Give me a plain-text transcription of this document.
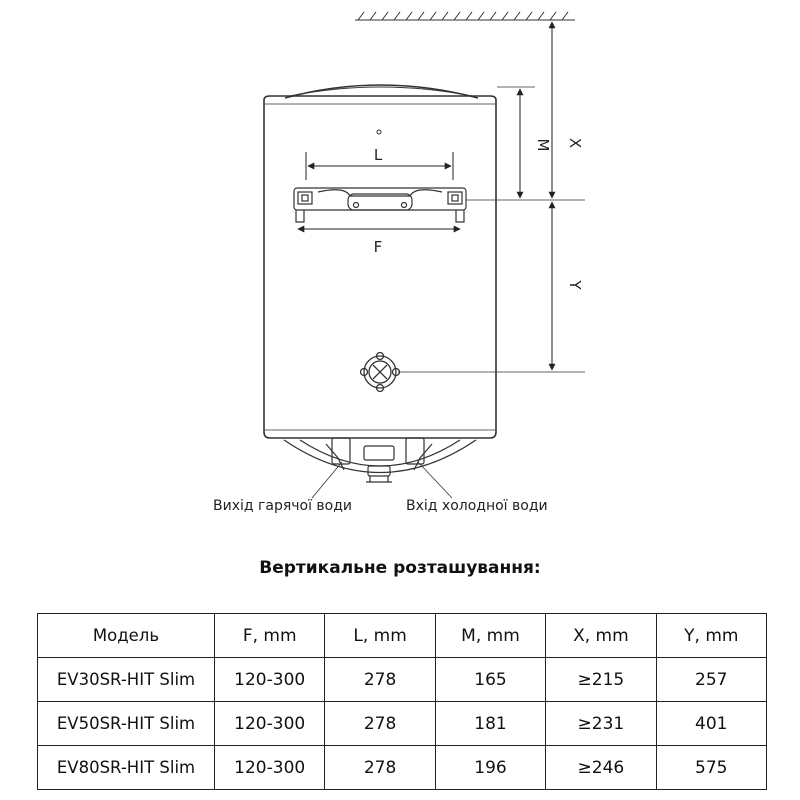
L
F
M X
Y
Вихід гарячої води	Вхід холодної води
Вертикальне розташування:
Модель	F, mm	L, mm	M, mm	X, mm	Y, mm
EV30SR-HIT Slim	120-300	278	165	≥215	257
EV50SR-HIT Slim	120-300	278	181	≥231	401
EV80SR-HIT Slim	120-300	278	196	≥246	575
